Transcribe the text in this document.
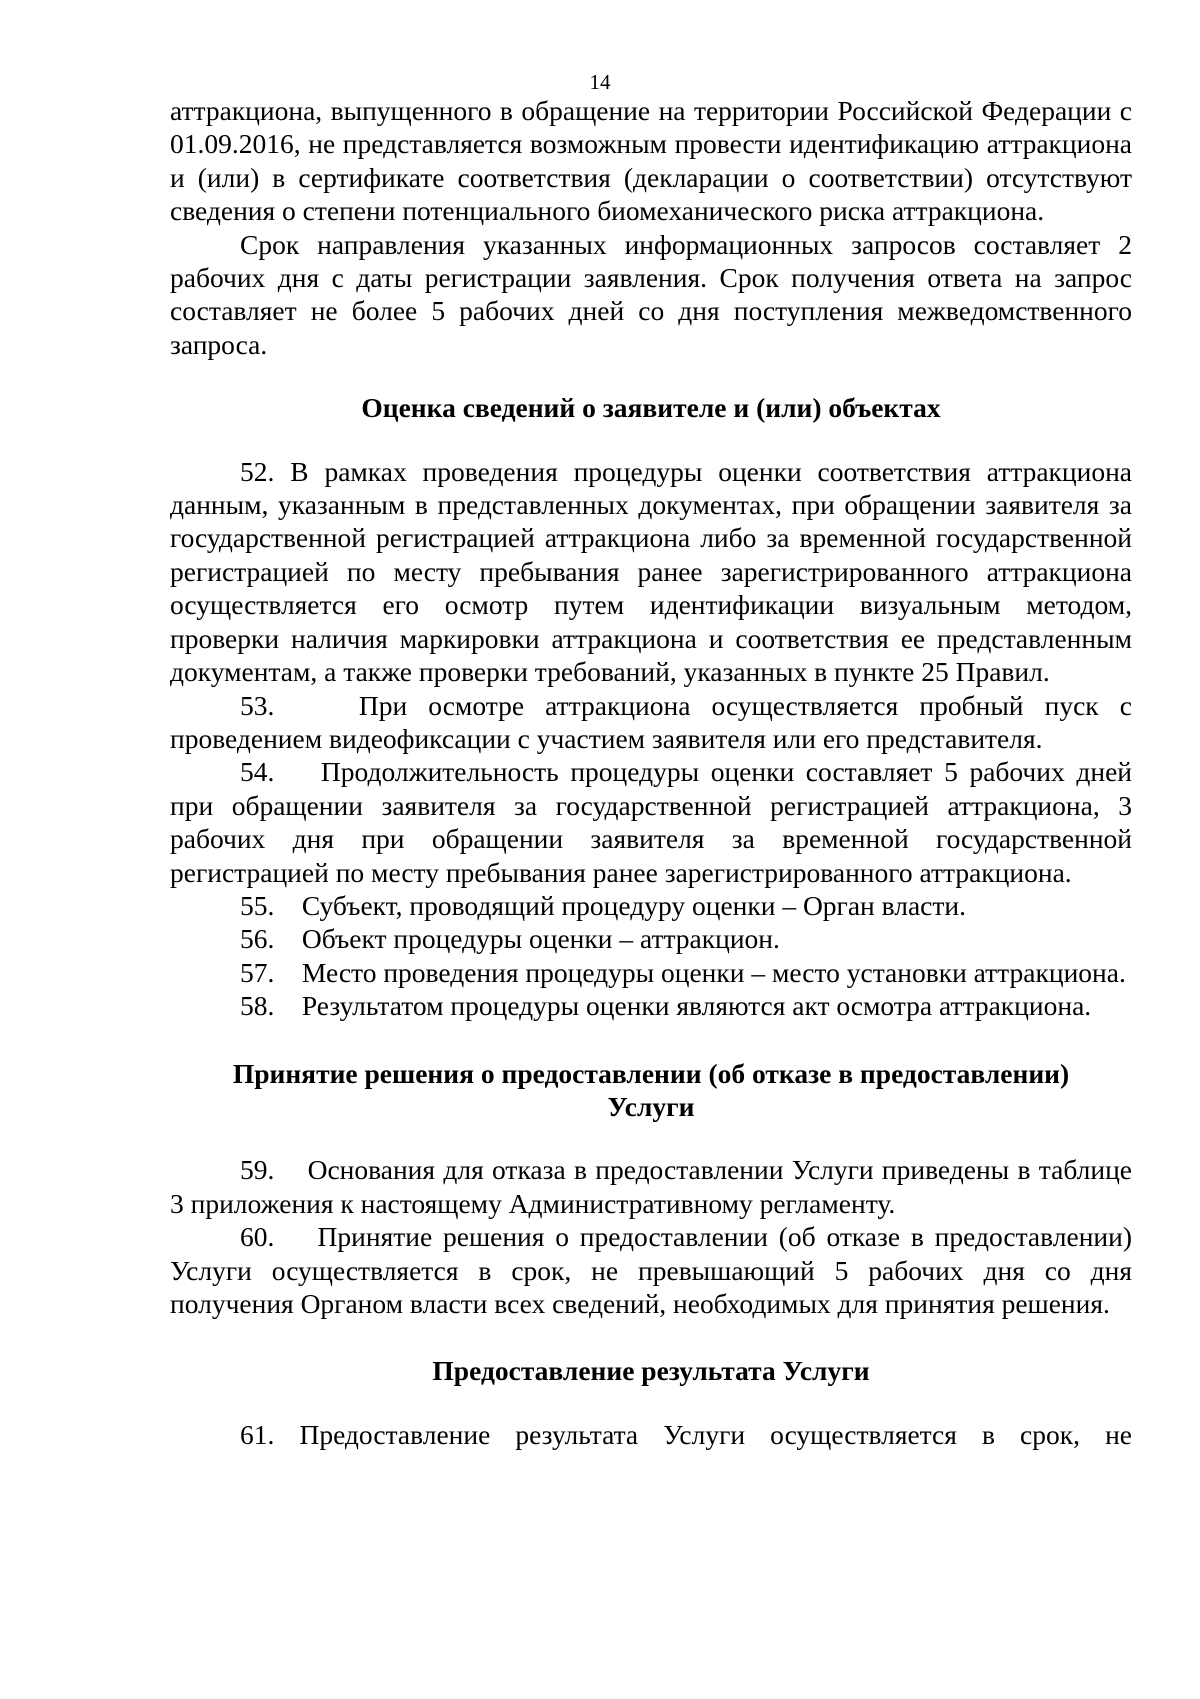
14

аттракциона, выпущенного в обращение на территории Российской Федерации с 01.09.2016, не представляется возможным провести идентификацию аттракциона и (или) в сертификате соответствия (декларации о соответствии) отсутствуют сведения о степени потенциального биомеханического риска аттракциона.

Срок направления указанных информационных запросов составляет 2 рабочих дня с даты регистрации заявления. Срок получения ответа на запрос составляет не более 5 рабочих дней со дня поступления межведомственного запроса.

Оценка сведений о заявителе и (или) объектах

52. В рамках проведения процедуры оценки соответствия аттракциона данным, указанным в представленных документах, при обращении заявителя за государственной регистрацией аттракциона либо за временной государственной регистрацией по месту пребывания ранее зарегистрированного аттракциона осуществляется его осмотр путем идентификации визуальным методом, проверки наличия маркировки аттракциона и соответствия ее представленным документам, а также проверки требований, указанных в пункте 25 Правил.

53.    При осмотре аттракциона осуществляется пробный пуск с проведением видеофиксации с участием заявителя или его представителя.

54.    Продолжительность процедуры оценки составляет 5 рабочих дней при обращении заявителя за государственной регистрацией аттракциона, 3 рабочих дня при обращении заявителя за временной государственной регистрацией по месту пребывания ранее зарегистрированного аттракциона.

55.    Субъект, проводящий процедуру оценки – Орган власти.

56.    Объект процедуры оценки – аттракцион.

57.    Место проведения процедуры оценки – место установки аттракциона.

58.    Результатом процедуры оценки являются акт осмотра аттракциона.

Принятие решения о предоставлении (об отказе в предоставлении)
Услуги

59.    Основания для отказа в предоставлении Услуги приведены в таблице 3 приложения к настоящему Административному регламенту.

60.    Принятие решения о предоставлении (об отказе в предоставлении) Услуги осуществляется в срок, не превышающий 5 рабочих дня со дня получения Органом власти всех сведений, необходимых для принятия решения.

Предоставление результата Услуги

61. Предоставление результата Услуги осуществляется в срок, не
